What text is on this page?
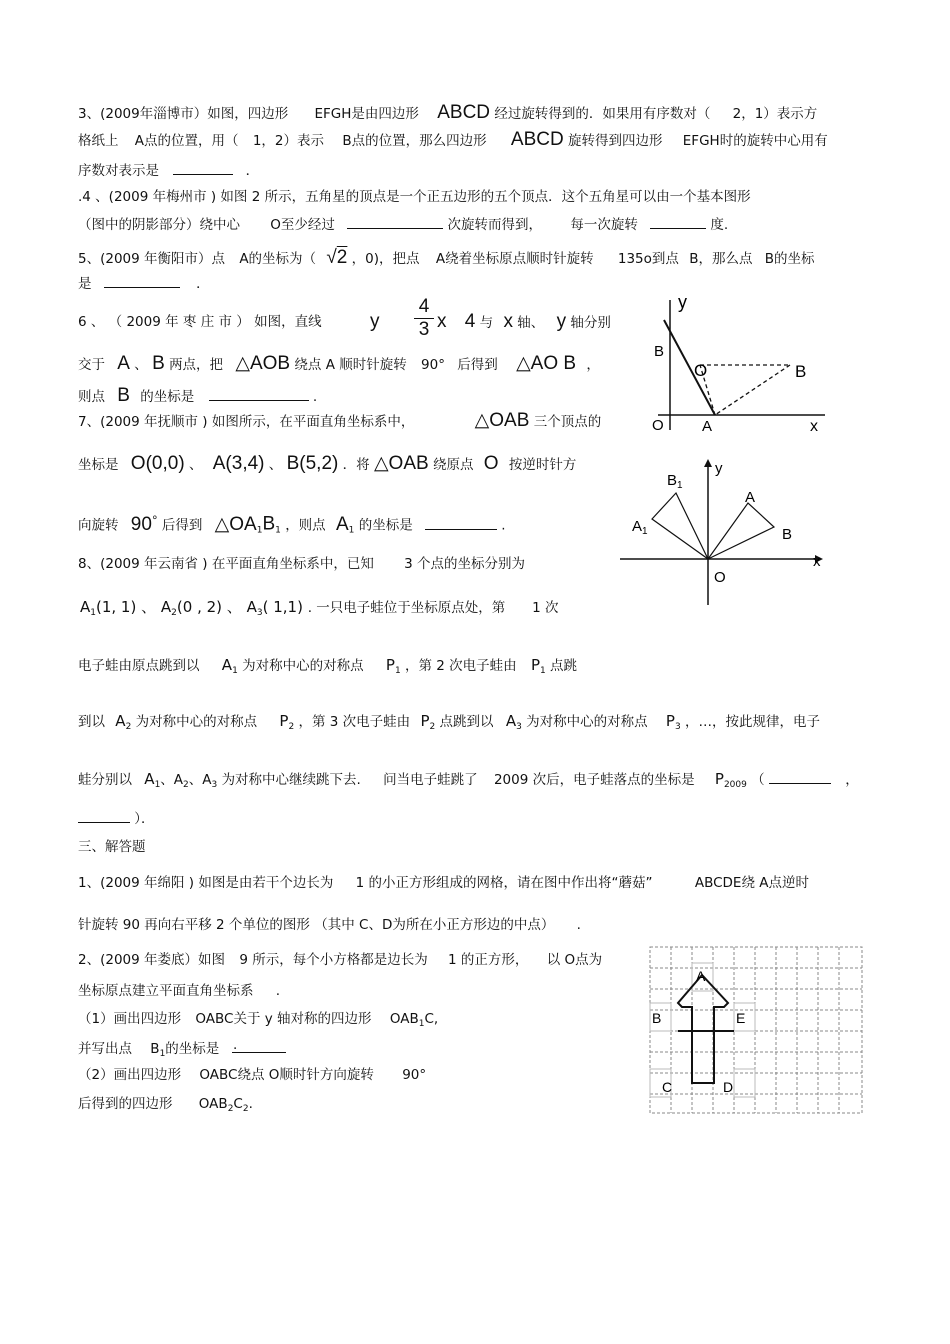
3、(2009年淄博市）如图，四边形 EFGH是由四边形 ABCD 经过旋转得到的．如果用有序数对（ 2，1）表示方
格纸上 A点的位置，用（ 1，2）表示 B点的位置，那么四边形 ABCD 旋转得到四边形 EFGH时的旋转中心用有
序数对表示是	．
.4 、(2009 年梅州市 ) 如图 2 所示，五角星的顶点是一个正五边形的五个顶点．这个五角星可以由一个基本图形
（图中的阴影部分）绕中心 O至少经过	次旋转而得到， 每一次旋转	度.
5、(2009 年衡阳市）点 A的坐标为（ √2 ，0)，把点 A绕着坐标原点顺时针旋转 135o到点 B，那么点 B的坐标
是	．
6 、 （ 2009 年 枣 庄 市 ） 如图，直线	y $\frac{4}{3}$ x 4 与 x 轴、 y 轴分别
交于 A 、 B 两点，把 △AOB 绕点 A 顺时针旋转 90° 后得到 △AO B ，
则点 B 的坐标是	.
7、(2009 年抚顺市 ) 如图所示，在平面直角坐标系中，	△OAB 三个顶点的
坐标是 O(0,0) 、 A(3,4) 、 B(5,2) ．将 △OAB 绕原点 O 按逆时针方
向旋转 90° 后得到 $\triangle OA_1B_1$ ，则点 $A_1$ 的坐标是	.
8、(2009 年云南省 ) 在平面直角坐标系中，已知 3 个点的坐标分别为
$A_1(1$, 1) 、 $A_2(0$ , 2) 、 $A_3$( 1,1) . 一只电子蛙位于坐标原点处，第 1 次
电子蛙由原点跳到以 $A_1$ 为对称中心的对称点 $P_1$ ，第 2 次电子蛙由 $P_1$ 点跳
到以 $A_2$ 为对称中心的对称点 $P_2$ ，第 3 次电子蛙由 $P_2$ 点跳到以 $A_3$ 为对称中心的对称点 $P_3$ ，…，按此规律，电子
蛙分别以 $A_1$、$A_2$、$A_3$ 为对称中心继续跳下去. 问当电子蛙跳了 2009 次后，电子蛙落点的坐标是 $P_{2009}$ （	，
）．
三、解答题
1、(2009 年绵阳 ) 如图是由若干个边长为 1 的小正方形组成的网格，请在图中作出将“蘑菇”	ABCDE绕 A点逆时
针旋转 90 再向右平移 2 个单位的图形 （其中 C、D为所在小正方形边的中点） .
2、(2009 年娄底）如图 9 所示，每个小方格都是边长为 1 的正方形， 以 O点为
坐标原点建立平面直角坐标系 .
（1）画出四边形 OABC关于 y 轴对称的四边形 $OAB_1C$,
并写出点 $B_1$的坐标是	.
（2）画出四边形 OABC绕点 O顺时针方向旋转 90°
后得到的四边形 $OAB_2C_2$.
y
x
O	A
B
O	B
y
x
O
A
B
$A_1$
$B_1$
A
B	E
C	D
